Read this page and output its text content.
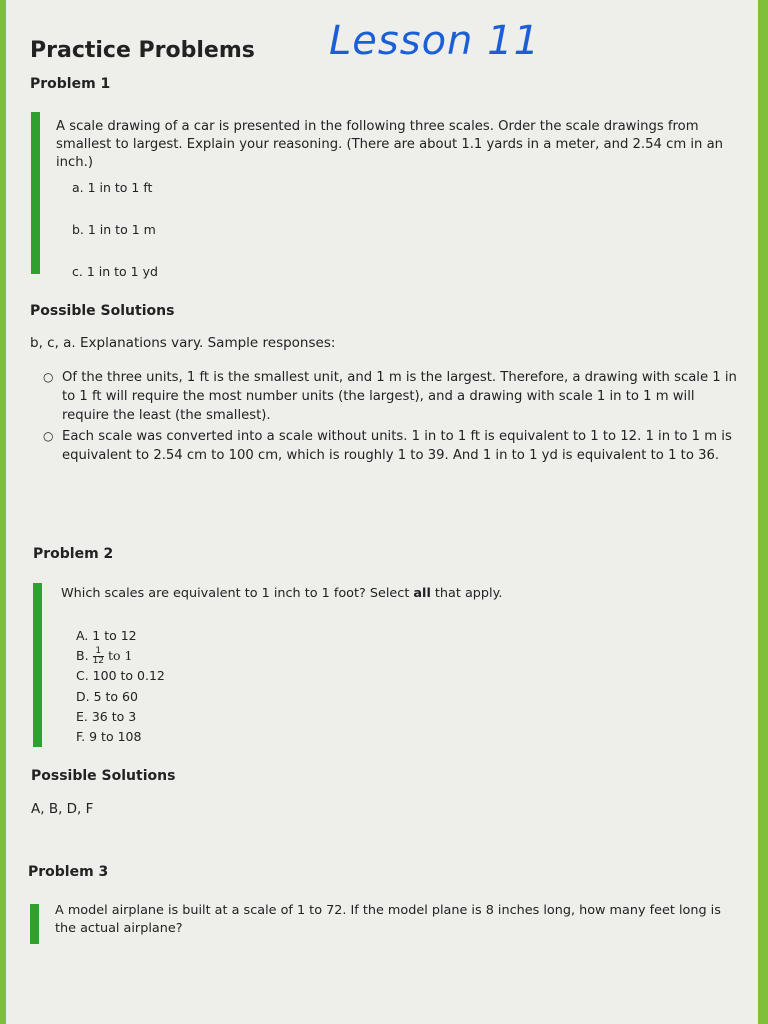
Practice Problems Lesson 11
Problem 1
A scale drawing of a car is presented in the following three scales. Order the scale drawings from smallest to largest. Explain your reasoning. (There are about 1.1 yards in a meter, and 2.54 cm in an inch.)
a. 1 in to 1 ft
b. 1 in to 1 m
c. 1 in to 1 yd
Possible Solutions
b, c, a. Explanations vary. Sample responses:
○ Of the three units, 1 ft is the smallest unit, and 1 m is the largest. Therefore, a drawing with scale 1 in to 1 ft will require the most number units (the largest), and a drawing with scale 1 in to 1 m will require the least (the smallest).
○ Each scale was converted into a scale without units. 1 in to 1 ft is equivalent to 1 to 12. 1 in to 1 m is equivalent to 2.54 cm to 100 cm, which is roughly 1 to 39. And 1 in to 1 yd is equivalent to 1 to 36.
Problem 2
Which scales are equivalent to 1 inch to 1 foot? Select all that apply.
A. 1 to 12
B. $\frac{1}{12}$ to 1
C. 100 to 0.12
D. 5 to 60
E. 36 to 3
F. 9 to 108
Possible Solutions
A, B, D, F
Problem 3
A model airplane is built at a scale of 1 to 72. If the model plane is 8 inches long, how many feet long is the actual airplane?
